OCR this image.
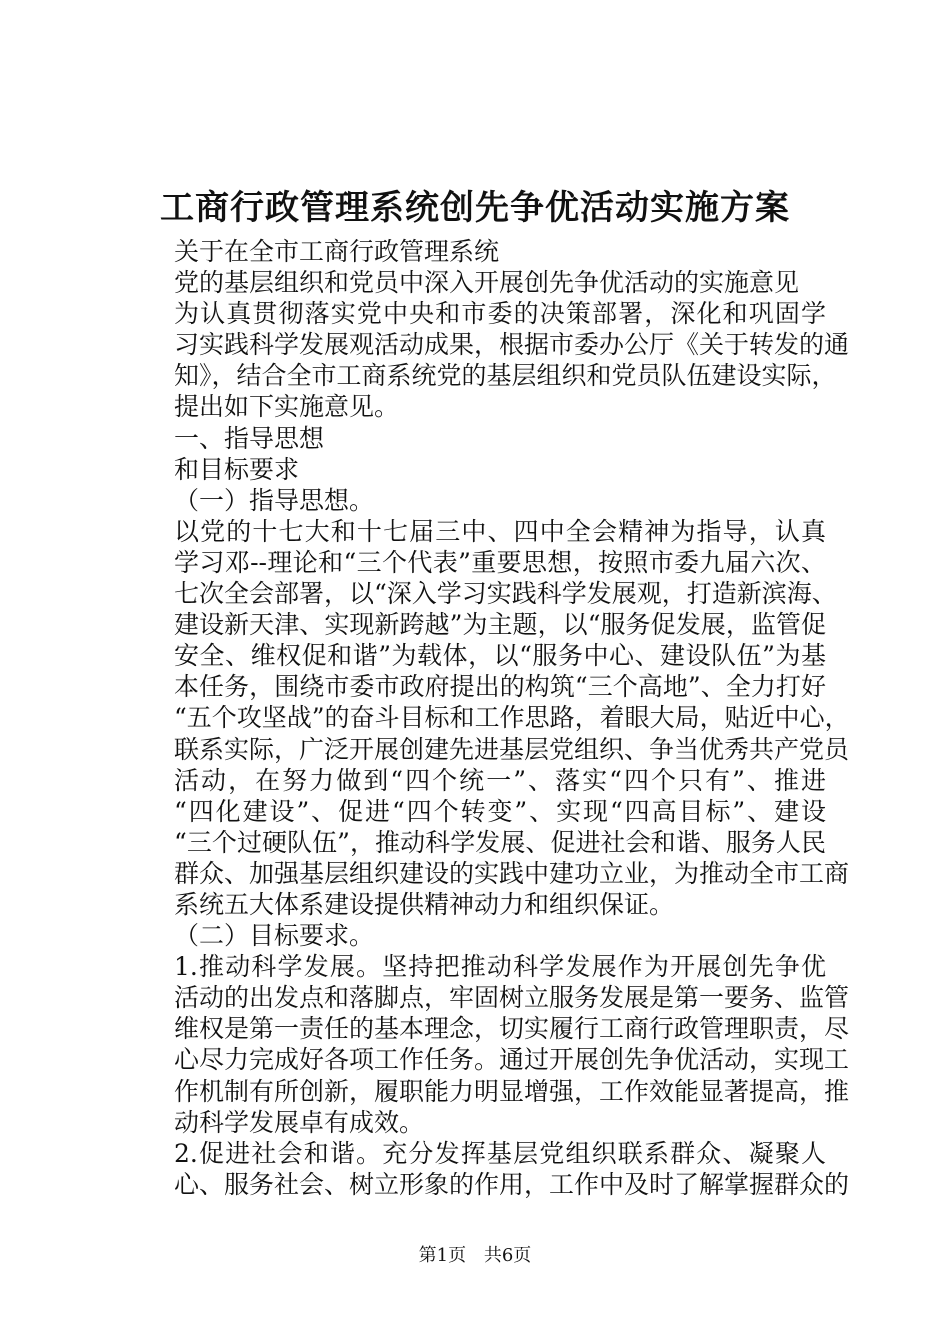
工商行政管理系统创先争优活动实施方案

关于在全市工商行政管理系统

党的基层组织和党员中深入开展创先争优活动的实施意见

为认真贯彻落实党中央和市委的决策部署，深化和巩固学
习实践科学发展观活动成果，根据市委办公厅《关于转发的通
知》，结合全市工商系统党的基层组织和党员队伍建设实际，
提出如下实施意见。

一、指导思想

和目标要求

（一）指导思想。

以党的十七大和十七届三中、四中全会精神为指导，认真
学习邓--理论和“三个代表”重要思想，按照市委九届六次、
七次全会部署，以“深入学习实践科学发展观，打造新滨海、
建设新天津、实现新跨越”为主题，以“服务促发展，监管促
安全、维权促和谐”为载体，以“服务中心、建设队伍”为基
本任务，围绕市委市政府提出的构筑“三个高地”、全力打好
“五个攻坚战”的奋斗目标和工作思路，着眼大局，贴近中心，
联系实际，广泛开展创建先进基层党组织、争当优秀共产党员
活动，在努力做到“四个统一”、落实“四个只有”、推进
“四化建设”、促进“四个转变”、实现“四高目标”、建设
“三个过硬队伍”，推动科学发展、促进社会和谐、服务人民
群众、加强基层组织建设的实践中建功立业，为推动全市工商
系统五大体系建设提供精神动力和组织保证。

（二）目标要求。

1.推动科学发展。坚持把推动科学发展作为开展创先争优
活动的出发点和落脚点，牢固树立服务发展是第一要务、监管
维权是第一责任的基本理念，切实履行工商行政管理职责，尽
心尽力完成好各项工作任务。通过开展创先争优活动，实现工
作机制有所创新，履职能力明显增强，工作效能显著提高，推
动科学发展卓有成效。

2.促进社会和谐。充分发挥基层党组织联系群众、凝聚人
心、服务社会、树立形象的作用，工作中及时了解掌握群众的

第1页 共6页
